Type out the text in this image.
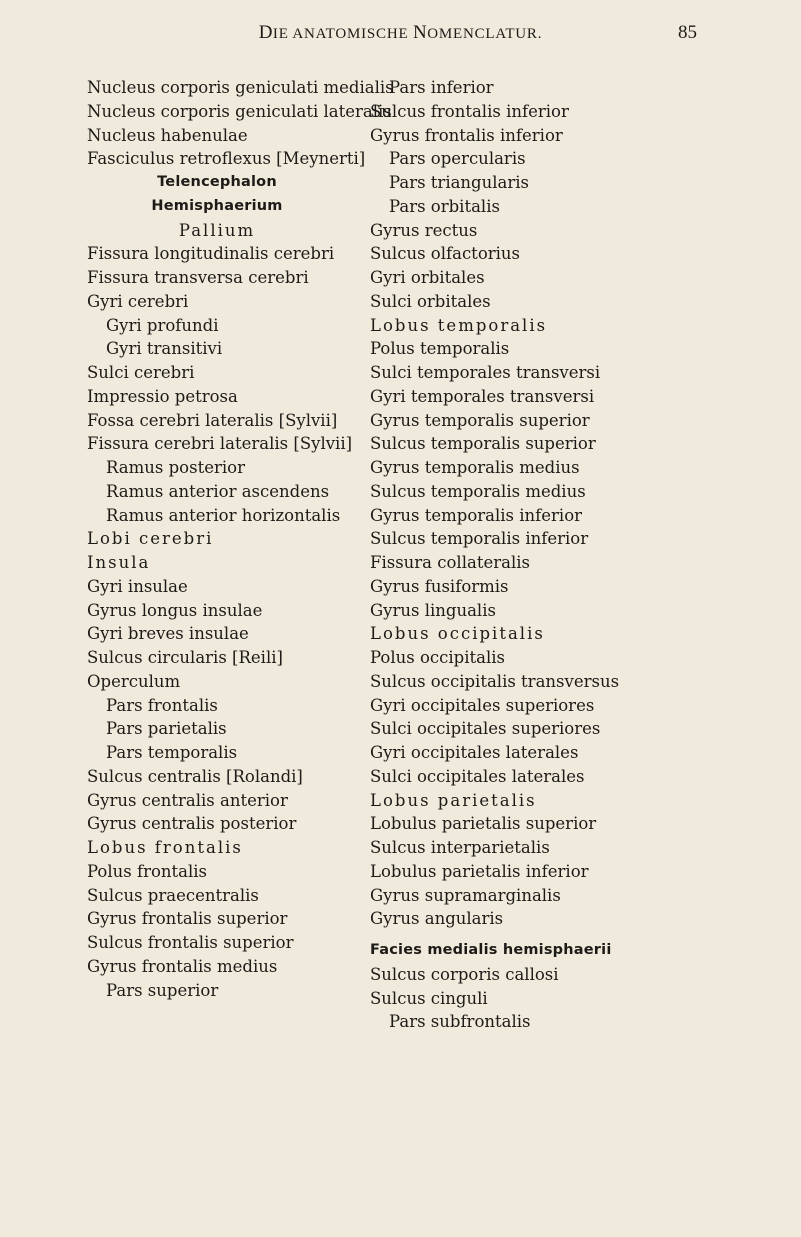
DIE ANATOMISCHE NOMENCLATUR.	85
Nucleus corporis geniculati medialis
Nucleus corporis geniculati lateralis
Nucleus habenulae
Fasciculus retroflexus [Meynerti]
Telencephalon
Hemisphaerium
Pallium
Fissura longitudinalis cerebri
Fissura transversa cerebri
Gyri cerebri
Gyri profundi
Gyri transitivi
Sulci cerebri
Impressio petrosa
Fossa cerebri lateralis [Sylvii]
Fissura cerebri lateralis [Sylvii]
Ramus posterior
Ramus anterior ascendens
Ramus anterior horizontalis
Lobi cerebri
Insula
Gyri insulae
Gyrus longus insulae
Gyri breves insulae
Sulcus circularis [Reili]
Operculum
Pars frontalis
Pars parietalis
Pars temporalis
Sulcus centralis [Rolandi]
Gyrus centralis anterior
Gyrus centralis posterior
Lobus frontalis
Polus frontalis
Sulcus praecentralis
Gyrus frontalis superior
Sulcus frontalis superior
Gyrus frontalis medius
Pars superior
Pars inferior
Sulcus frontalis inferior
Gyrus frontalis inferior
Pars opercularis
Pars triangularis
Pars orbitalis
Gyrus rectus
Sulcus olfactorius
Gyri orbitales
Sulci orbitales
Lobus temporalis
Polus temporalis
Sulci temporales transversi
Gyri temporales transversi
Gyrus temporalis superior
Sulcus temporalis superior
Gyrus temporalis medius
Sulcus temporalis medius
Gyrus temporalis inferior
Sulcus temporalis inferior
Fissura collateralis
Gyrus fusiformis
Gyrus lingualis
Lobus occipitalis
Polus occipitalis
Sulcus occipitalis transversus
Gyri occipitales superiores
Sulci occipitales superiores
Gyri occipitales laterales
Sulci occipitales laterales
Lobus parietalis
Lobulus parietalis superior
Sulcus interparietalis
Lobulus parietalis inferior
Gyrus supramarginalis
Gyrus angularis
Facies medialis hemisphaerii
Sulcus corporis callosi
Sulcus cinguli
Pars subfrontalis
